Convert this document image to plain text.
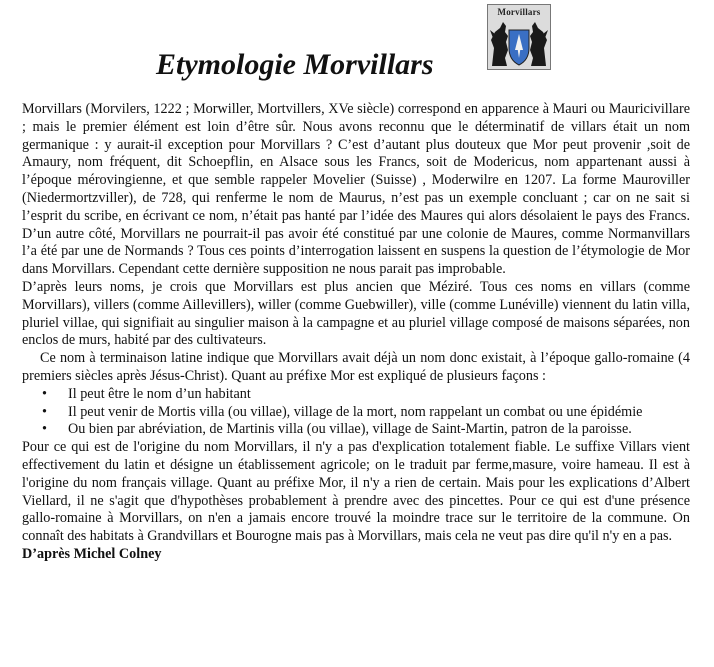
Morvillars
Etymologie Morvillars

Morvillars (Morvilers, 1222 ; Morwiller, Mortvillers, XVe siècle) correspond en apparence à Mauri ou Mauricivillare ; mais le premier élément est loin d’être sûr. Nous avons reconnu que le déterminatif de villars était un nom germanique : y aurait-il exception pour Morvillars ? C’est d’autant plus douteux que Mor peut provenir ,soit de Amaury, nom fréquent, dit Schoepflin, en Alsace sous les Francs, soit de Modericus, nom appartenant aussi à l’époque mérovingienne, et que semble rappeler Movelier (Suisse) , Moderwilre en 1207. La forme Mauroviller (Niedermortzviller), de 728, qui renferme le nom de Maurus, n’est pas un exemple concluant ; car on ne sait si l’esprit du scribe, en écrivant ce nom, n’était pas hanté par l’idée des Maures qui alors désolaient le pays des Francs. D’un autre côté, Morvillars ne pourrait-il pas avoir été constitué par une colonie de Maures, comme Normanvillars l’a été par une de Normands ? Tous ces points d’interrogation laissent en suspens la question de l’étymologie de Mor dans Morvillars. Cependant cette dernière supposition ne nous parait pas improbable.

D’après leurs noms, je crois que Morvillars est plus ancien que Méziré. Tous ces noms en villars (comme Morvillars), villers (comme Aillevillers), willer (comme Guebwiller), ville (comme Lunéville) viennent du latin villa, pluriel villae, qui signifiait au singulier maison à la campagne et au pluriel village composé de maisons séparées, non enclos de murs, habité par des cultivateurs.

Ce nom à terminaison latine indique que Morvillars avait déjà un nom donc existait, à l’époque gallo-romaine (4 premiers siècles après Jésus-Christ). Quant au préfixe Mor est expliqué de plusieurs façons :

• Il peut être le nom d’un habitant
• Il peut venir de Mortis villa (ou villae), village de la mort, nom rappelant un combat ou une épidémie
• Ou bien par abréviation, de Martinis villa (ou villae), village de Saint-Martin, patron de la paroisse.

Pour ce qui est de l'origine du nom Morvillars, il n'y a pas d'explication totalement fiable. Le suffixe Villars vient effectivement du latin et désigne un établissement agricole; on le traduit par ferme,masure, voire hameau. Il est à l'origine du nom français village. Quant au préfixe Mor, il n'y a rien de certain. Mais pour les explications d’Albert Viellard, il ne s'agit que d'hypothèses probablement à prendre avec des pincettes. Pour ce qui est d'une présence gallo-romaine à Morvillars, on n'en a jamais encore trouvé la moindre trace sur le territoire de la commune. On connaît des habitats à Grandvillars et Bourogne mais pas à Morvillars, mais cela ne veut pas dire qu'il n'y en a pas.

D’après Michel Colney
